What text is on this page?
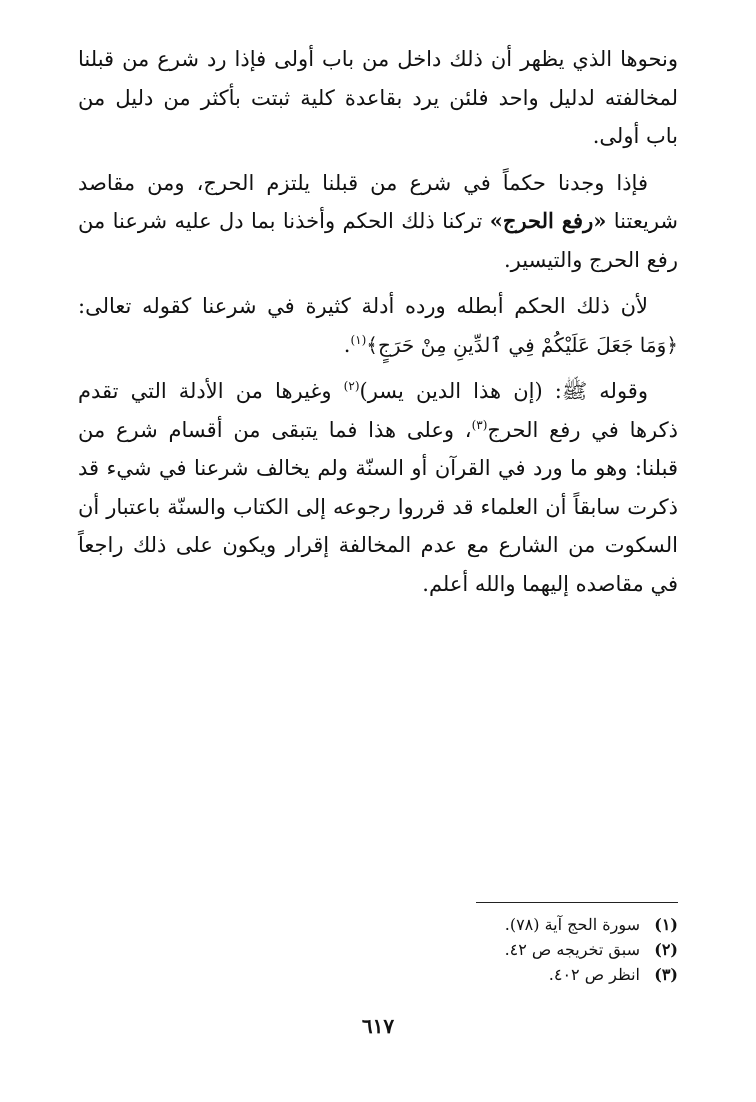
ونحوها الذي يظهر أن ذلك داخل من باب أولى فإذا رد شرع من قبلنا لمخالفته لدليل واحد فلئن يرد بقاعدة كلية ثبتت بأكثر من دليل من باب أولى.

فإذا وجدنا حكماً في شرع من قبلنا يلتزم الحرج، ومن مقاصد شريعتنا «رفع الحرج» تركنا ذلك الحكم وأخذنا بما دل عليه شرعنا من رفع الحرج والتيسير.

لأن ذلك الحكم أبطله ورده أدلة كثيرة في شرعنا كقوله تعالى: ﴿وَمَا جَعَلَ عَلَيْكُمْ فِي ٱلدِّينِ مِنْ حَرَجٍ﴾$^{(١)}$.

وقوله ﷺ: (إن هذا الدين يسر)$^{(٢)}$ وغيرها من الأدلة التي تقدم ذكرها في رفع الحرج$^{(٣)}$، وعلى هذا فما يتبقى من أقسام شرع من قبلنا: وهو ما ورد في القرآن أو السنّة ولم يخالف شرعنا في شيء قد ذكرت سابقاً أن العلماء قد قرروا رجوعه إلى الكتاب والسنّة باعتبار أن السكوت من الشارع مع عدم المخالفة إقرار ويكون على ذلك راجعاً في مقاصده إليهما والله أعلم.

(١)سورة الحج آية (٧٨).

(٢)سبق تخريجه ص ٤٢.

(٣)انظر ص ٤٠٢.

٦١٧
